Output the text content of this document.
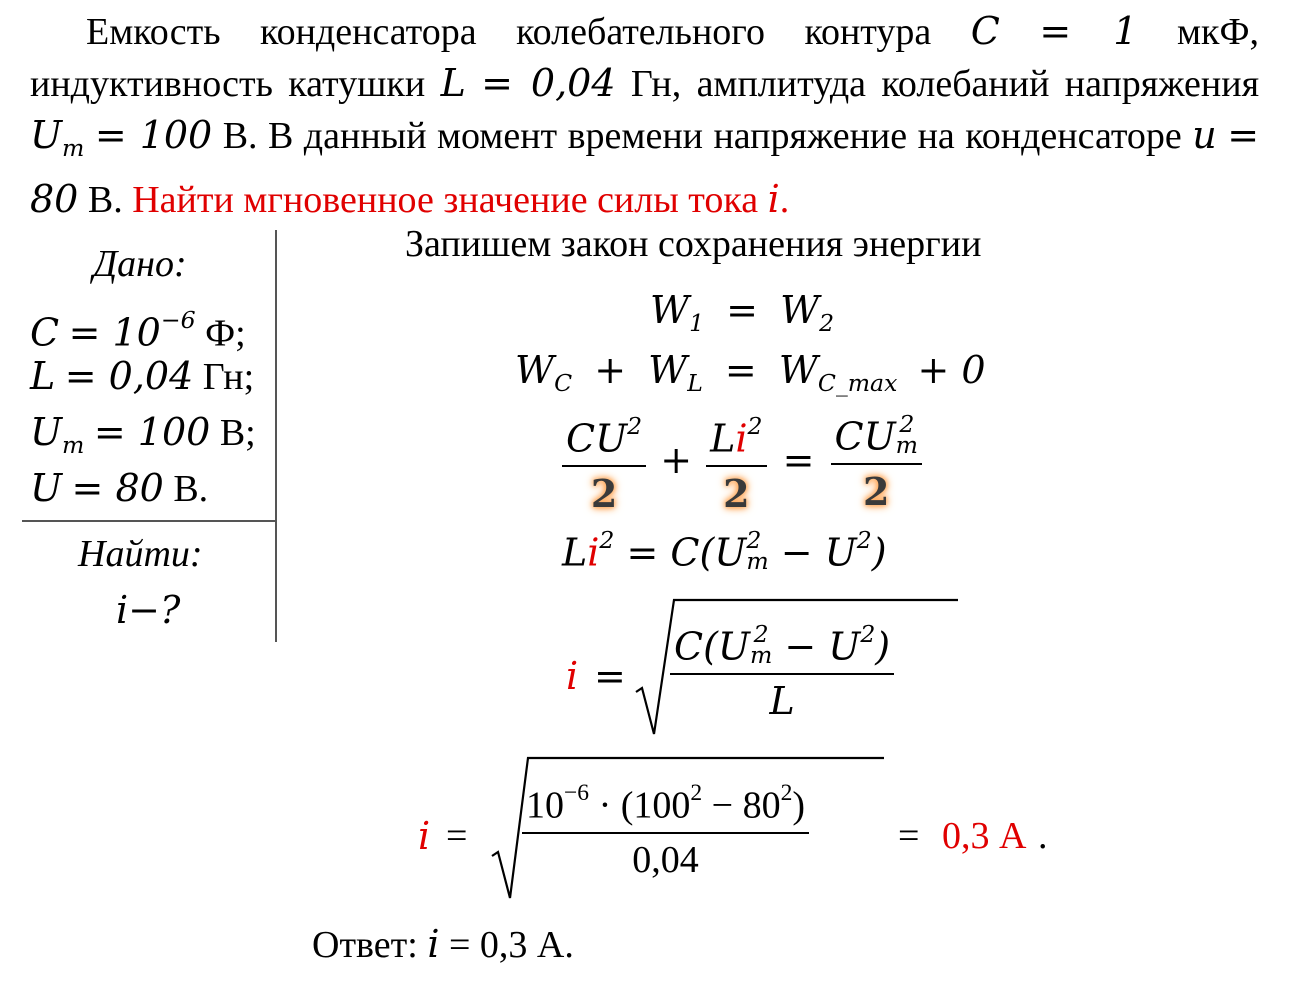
Емкость конденсатора колебательного контура C = 1 мкФ, индуктивность катушки L = 0,04 Гн, амплитуда колебаний напряжения $U_m = 100$ В. В данный момент времени напряжение на конденсаторе u = 80 В. Найти мгновенное значение силы тока i.
Дано:
$C = 10^{-6}$ Ф;
L = 0,04 Гн;
$U_m = 100$ В;
U = 80 В.
Найти:
i−?
Запишем закон сохранения энергии
$W_1 = W_2$
$W_C + W_L = W_{C\_max} + 0$
$\frac{CU^2}{2} + \frac{Li^2}{2}$ = CU 2
m
2
$Li^2 = C(U$ 2
$m - U^2$)
i =
C(U 2
$m - U^2$)
L
i =
$10^{-6} \cdot (100^2 - 80^2)$
0,04
= 0,3 А .
Ответ: i = 0,3 А.
